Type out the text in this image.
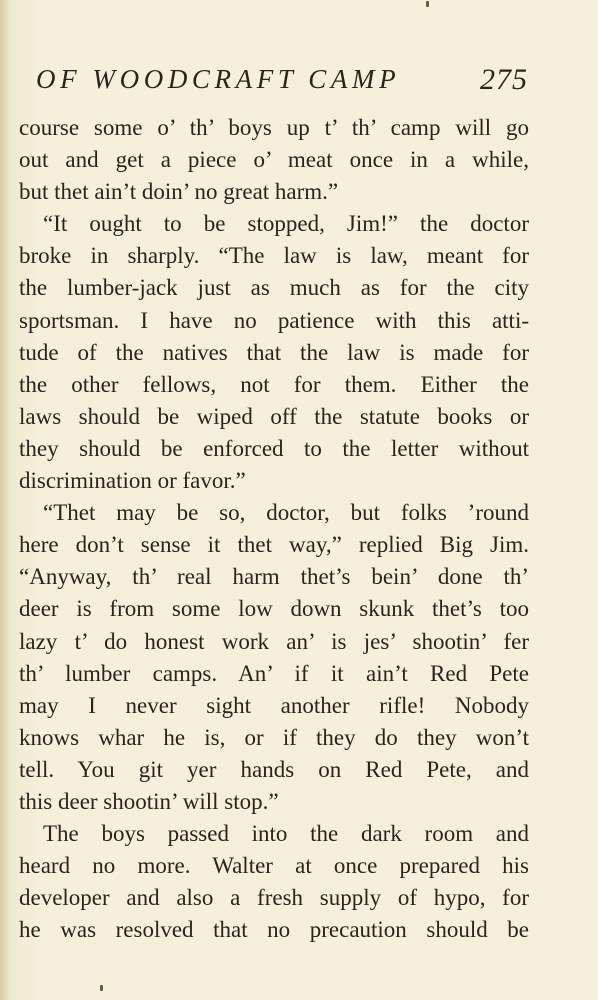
OF WOODCRAFT CAMP	275
course some o’ th’ boys up t’ th’ camp will go
out and get a piece o’ meat once in a while,
but thet ain’t doin’ no great harm.”
“It ought to be stopped, Jim!” the doctor
broke in sharply. “The law is law, meant for
the lumber-jack just as much as for the city
sportsman. I have no patience with this atti-
tude of the natives that the law is made for
the other fellows, not for them. Either the
laws should be wiped off the statute books or
they should be enforced to the letter without
discrimination or favor.”
“Thet may be so, doctor, but folks ’round
here don’t sense it thet way,” replied Big Jim.
“Anyway, th’ real harm thet’s bein’ done th’
deer is from some low down skunk thet’s too
lazy t’ do honest work an’ is jes’ shootin’ fer
th’ lumber camps. An’ if it ain’t Red Pete
may I never sight another rifle! Nobody
knows whar he is, or if they do they won’t
tell. You git yer hands on Red Pete, and
this deer shootin’ will stop.”
The boys passed into the dark room and
heard no more. Walter at once prepared his
developer and also a fresh supply of hypo, for
he was resolved that no precaution should be
